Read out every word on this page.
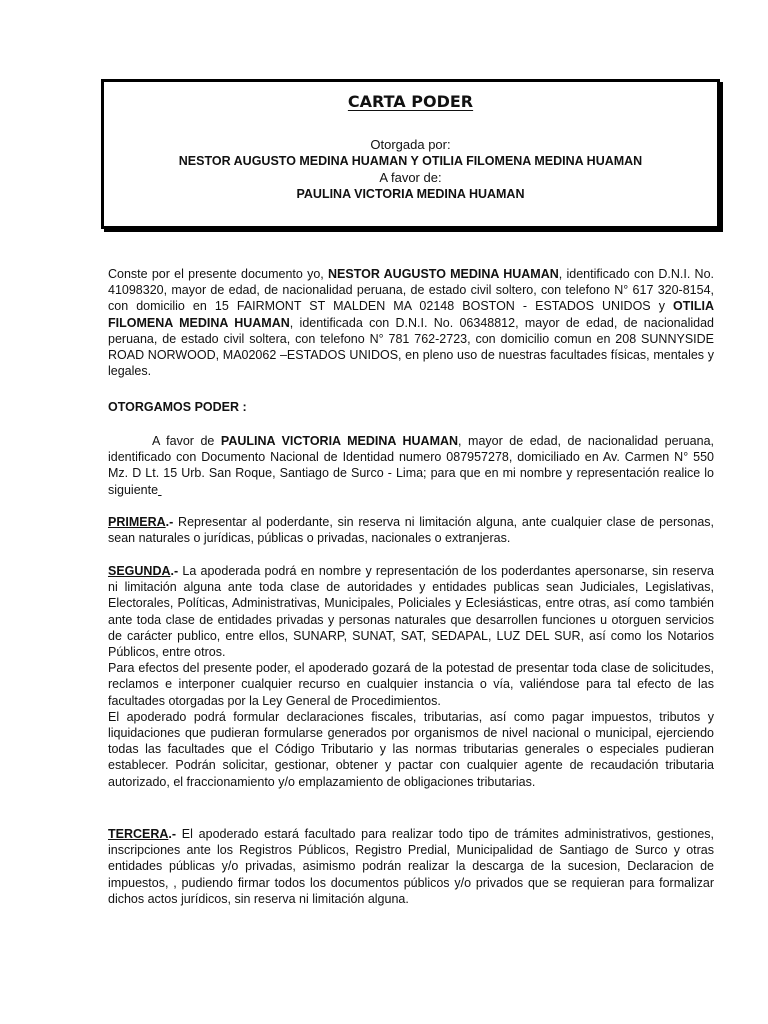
CARTA PODER
Otorgada por:
NESTOR AUGUSTO MEDINA HUAMAN Y OTILIA FILOMENA MEDINA HUAMAN
A favor de:
PAULINA VICTORIA MEDINA HUAMAN

Conste por el presente documento yo, NESTOR AUGUSTO MEDINA HUAMAN, identificado con D.N.I. No. 41098320, mayor de edad, de nacionalidad peruana, de estado civil soltero, con telefono N° 617 320-8154, con domicilio en 15 FAIRMONT ST MALDEN MA 02148 BOSTON - ESTADOS UNIDOS y OTILIA FILOMENA MEDINA HUAMAN, identificada con D.N.I. No. 06348812, mayor de edad, de nacionalidad peruana, de estado civil soltera, con telefono N° 781 762-2723, con domicilio comun en 208 SUNNYSIDE ROAD NORWOOD, MA02062 –ESTADOS UNIDOS, en pleno uso de nuestras facultades físicas, mentales y legales.

OTORGAMOS PODER :

A favor de PAULINA VICTORIA MEDINA HUAMAN, mayor de edad, de nacionalidad peruana, identificado con Documento Nacional de Identidad numero 087957278, domiciliado en Av. Carmen N° 550 Mz. D Lt. 15 Urb. San Roque, Santiago de Surco - Lima; para que en mi nombre y representación realice lo siguiente

PRIMERA.- Representar al poderdante, sin reserva ni limitación alguna, ante cualquier clase de personas, sean naturales o jurídicas, públicas o privadas, nacionales o extranjeras.

SEGUNDA.- La apoderada podrá en nombre y representación de los poderdantes apersonarse, sin reserva ni limitación alguna ante toda clase de autoridades y entidades publicas sean Judiciales, Legislativas, Electorales, Políticas, Administrativas, Municipales, Policiales y Eclesiásticas, entre otras, así como también ante toda clase de entidades privadas y personas naturales que desarrollen funciones u otorguen servicios de carácter publico, entre ellos, SUNARP, SUNAT, SAT, SEDAPAL, LUZ DEL SUR, así como los Notarios Públicos, entre otros.

Para efectos del presente poder, el apoderado gozará de la potestad de presentar toda clase de solicitudes, reclamos e interponer cualquier recurso en cualquier instancia o vía, valiéndose para tal efecto de las facultades otorgadas por la Ley General de Procedimientos.

El apoderado podrá formular declaraciones fiscales, tributarias, así como pagar impuestos, tributos y liquidaciones que pudieran formularse generados por organismos de nivel nacional o municipal, ejerciendo todas las facultades que el Código Tributario y las normas tributarias generales o especiales pudieran establecer. Podrán solicitar, gestionar, obtener y pactar con cualquier agente de recaudación tributaria autorizado, el fraccionamiento y/o emplazamiento de obligaciones tributarias.

TERCERA.- El apoderado estará facultado para realizar todo tipo de trámites administrativos, gestiones, inscripciones ante los Registros Públicos, Registro Predial, Municipalidad de Santiago de Surco y otras entidades públicas y/o privadas, asimismo podrán realizar la descarga de la sucesion, Declaracion de impuestos, , pudiendo firmar todos los documentos públicos y/o privados que se requieran para formalizar dichos actos jurídicos, sin reserva ni limitación alguna.
